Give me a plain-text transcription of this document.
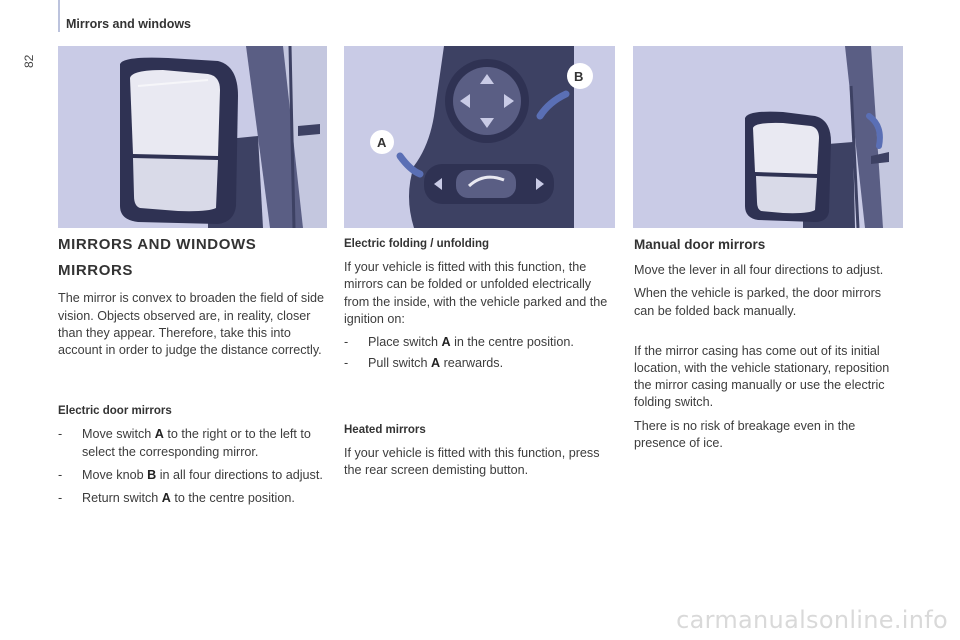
Mirrors and windows
82
B
A

MIRRORS AND WINDOWS

MIRRORS

The mirror is convex to broaden the field of side vision. Objects observed are, in reality, closer than they appear. Therefore, take this into account in order to judge the distance correctly.

Electric door mirrors

- Move switch A to the right or to the left to select the corresponding mirror.
- Move knob B in all four directions to adjust.
- Return switch A to the centre position.

Electric folding / unfolding

If your vehicle is fitted with this function, the mirrors can be folded or unfolded electrically from the inside, with the vehicle parked and the ignition on:

- Place switch A in the centre position.
- Pull switch A rearwards.

Heated mirrors

If your vehicle is fitted with this function, press the rear screen demisting button.

Manual door mirrors

Move the lever in all four directions to adjust.

When the vehicle is parked, the door mirrors can be folded back manually.

If the mirror casing has come out of its initial location, with the vehicle stationary, reposition the mirror casing manually or use the electric folding switch.

There is no risk of breakage even in the presence of ice.

carmanualsonline.info
